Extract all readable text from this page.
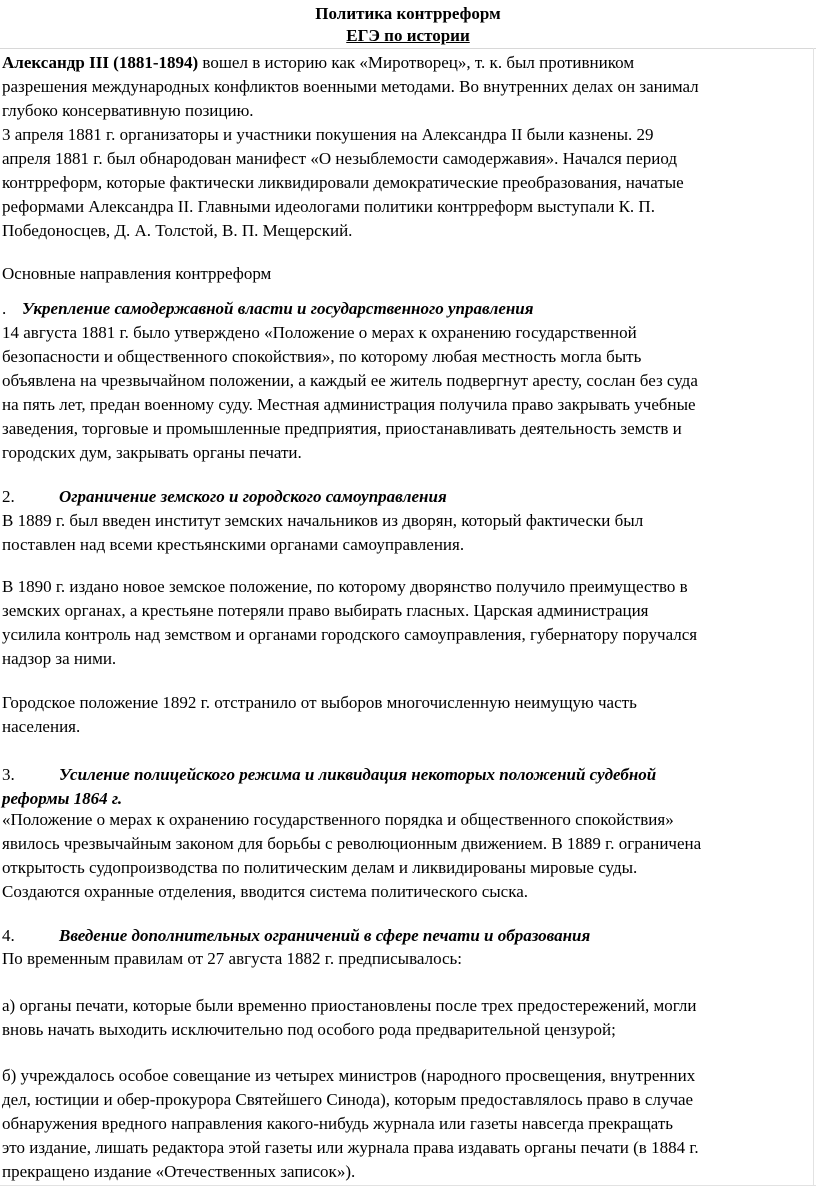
Политика контрреформ
ЕГЭ по истории
Александр III (1881-1894) вошел в историю как «Миротворец», т. к. был противником
разрешения международных конфликтов военными методами. Во внутренних делах он занимал
глубоко консервативную позицию.
3 апреля 1881 г. организаторы и участники покушения на Александра II были казнены. 29
апреля 1881 г. был обнародован манифест «О незыблемости самодержавия». Начался период
контрреформ, которые фактически ликвидировали демократические преобразования, начатые
реформами Александра II. Главными идеологами политики контрреформ выступали К. П.
Победоносцев, Д. А. Толстой, В. П. Мещерский.
Основные направления контрреформ
. Укрепление самодержавной власти и государственного управления
14 августа 1881 г. было утверждено «Положение о мерах к охранению государственной
безопасности и общественного спокойствия», по которому любая местность могла быть
объявлена на чрезвычайном положении, а каждый ее житель подвергнут аресту, сослан без суда
на пять лет, предан военному суду. Местная администрация получила право закрывать учебные
заведения, торговые и промышленные предприятия, приостанавливать деятельность земств и
городских дум, закрывать органы печати.
2.	Ограничение земского и городского самоуправления
В 1889 г. был введен институт земских начальников из дворян, который фактически был
поставлен над всеми крестьянскими органами самоуправления.
В 1890 г. издано новое земское положение, по которому дворянство получило преимущество в
земских органах, а крестьяне потеряли право выбирать гласных. Царская администрация
усилила контроль над земством и органами городского самоуправления, губернатору поручался
надзор за ними.
Городское положение 1892 г. отстранило от выборов многочисленную неимущую часть
населения.
3.	Усиление полицейского режима и ликвидация некоторых положений судебной
реформы 1864 г.
«Положение о мерах к охранению государственного порядка и общественного спокойствия»
явилось чрезвычайным законом для борьбы с революционным движением. В 1889 г. ограничена
открытость судопроизводства по политическим делам и ликвидированы мировые суды.
Создаются охранные отделения, вводится система политического сыска.
4.	Введение дополнительных ограничений в сфере печати и образования
По временным правилам от 27 августа 1882 г. предписывалось:
а) органы печати, которые были временно приостановлены после трех предостережений, могли
вновь начать выходить исключительно под особого рода предварительной цензурой;
б) учреждалось особое совещание из четырех министров (народного просвещения, внутренних
дел, юстиции и обер-прокурора Святейшего Синода), которым предоставлялось право в случае
обнаружения вредного направления какого-нибудь журнала или газеты навсегда прекращать
это издание, лишать редактора этой газеты или журнала права издавать органы печати (в 1884 г.
прекращено издание «Отечественных записок»).
